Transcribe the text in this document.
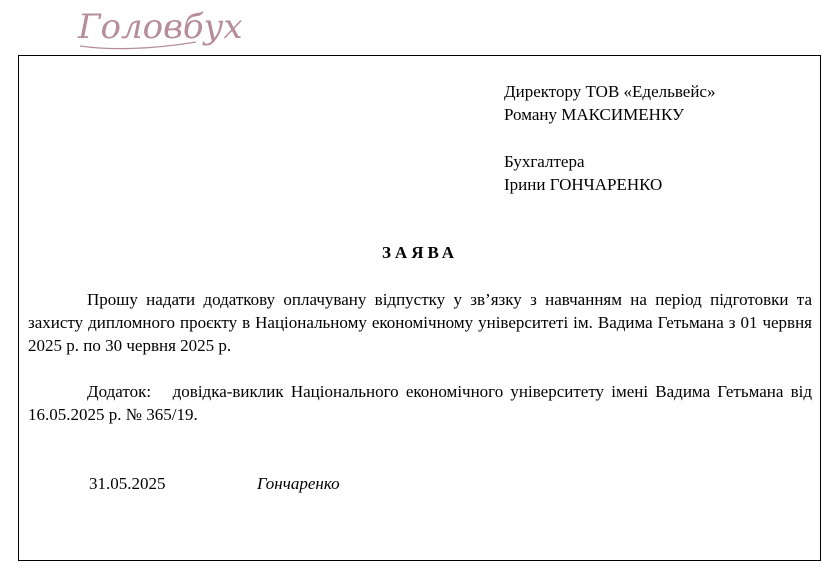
Головбух

Директору ТОВ «Едельвейс»

Роману МАКСИМЕНКУ

Бухгалтера

Ірини ГОНЧАРЕНКО

ЗАЯВА

Прошу надати додаткову оплачувану відпустку у зв’язку з навчанням на період підготовки та захисту дипломного проєкту в Національному економічному університеті ім. Вадима Гетьмана з 01 червня 2025 р. по 30 червня 2025 р.

Додаток:   довідка-виклик Національного економічного університету імені Вадима Гетьмана від 16.05.2025 р. № 365/19.

31.05.2025	Гончаренко
